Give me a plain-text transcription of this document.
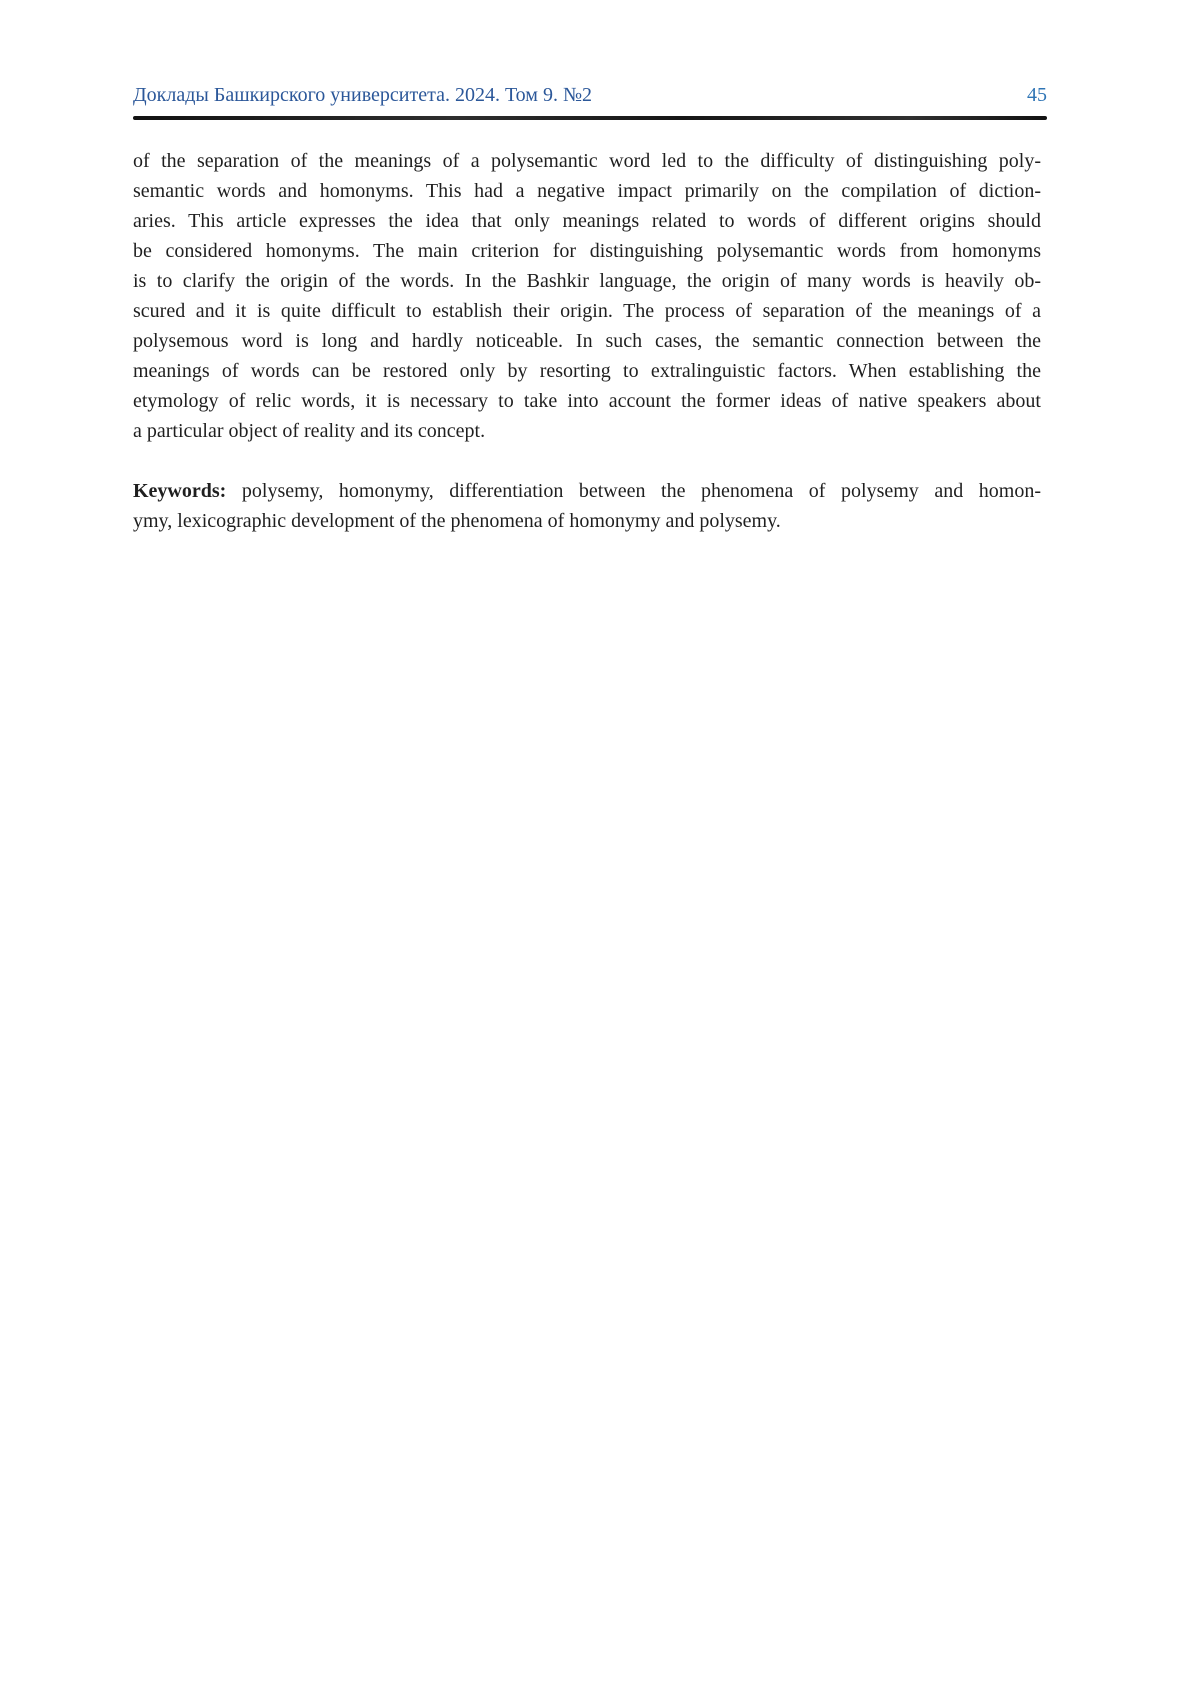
Доклады Башкирского университета. 2024. Том 9. №2	45
of the separation of the meanings of a polysemantic word led to the difficulty of distinguishing poly-
semantic words and homonyms. This had a negative impact primarily on the compilation of diction-
aries. This article expresses the idea that only meanings related to words of different origins should
be considered homonyms. The main criterion for distinguishing polysemantic words from homonyms
is to clarify the origin of the words. In the Bashkir language, the origin of many words is heavily ob-
scured and it is quite difficult to establish their origin. The process of separation of the meanings of a
polysemous word is long and hardly noticeable. In such cases, the semantic connection between the
meanings of words can be restored only by resorting to extralinguistic factors. When establishing the
etymology of relic words, it is necessary to take into account the former ideas of native speakers about
a particular object of reality and its concept.
Keywords: polysemy, homonymy, differentiation between the phenomena of polysemy and homon-
ymy, lexicographic development of the phenomena of homonymy and polysemy.
